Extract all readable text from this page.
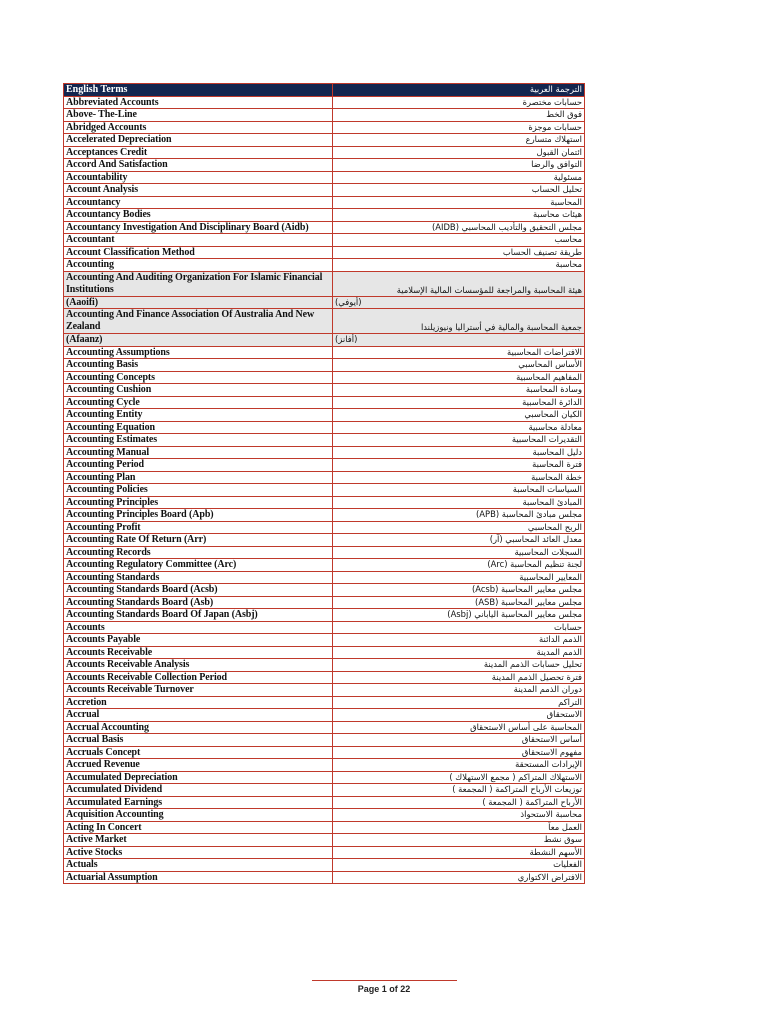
English Terms	الترجمة العربية
Abbreviated Accounts	حسابات مختصرة
Above- The-Line	فوق الخط
Abridged Accounts	حسابات موجزة
Accelerated Depreciation	استهلاك متسارع
Acceptances Credit	ائتمان القبول
Accord And Satisfaction	التوافق والرضا
Accountability	مسئولية
Account Analysis	تحليل الحساب
Accountancy	المحاسبة
Accountancy Bodies	هيئات محاسبة
Accountancy Investigation And Disciplinary Board (Aidb)	مجلس التحقيق والتأديب المحاسبي (AIDB)
Accountant	محاسب
Account Classification Method	طريقة تصنيف الحساب
Accounting	محاسبة
Accounting And Auditing Organization For Islamic Financial Institutions	هيئة المحاسبة والمراجعة للمؤسسات المالية الإسلامية
(Aaoifi)	(أيوفي)
Accounting And Finance Association Of Australia And New Zealand	جمعية المحاسبة والمالية في أستراليا ونيوزيلندا
(Afaanz)	(أفانز)
Accounting Assumptions	الافتراضات المحاسبية
Accounting Basis	الأساس المحاسبي
Accounting Concepts	المفاهيم المحاسبية
Accounting Cushion	وسادة المحاسبة
Accounting Cycle	الدائرة المحاسبية
Accounting Entity	الكيان المحاسبي
Accounting Equation	معادلة محاسبية
Accounting Estimates	التقديرات المحاسبية
Accounting Manual	دليل المحاسبة
Accounting Period	فترة المحاسبة
Accounting Plan	خطة المحاسبة
Accounting Policies	السياسات المحاسبة
Accounting Principles	المبادئ المحاسبة
Accounting Principles Board (Apb)	مجلس مبادئ المحاسبة (APB)
Accounting Profit	الربح المحاسبي
Accounting Rate Of Return (Arr)	معدل العائد المحاسبي (آر)
Accounting Records	السجلات المحاسبية
Accounting Regulatory Committee (Arc)	لجنة تنظيم المحاسبة (Arc)
Accounting Standards	المعايير المحاسبية
Accounting Standards Board (Acsb)	مجلس معايير المحاسبة (Acsb)
Accounting Standards Board (Asb)	مجلس معايير المحاسبة (ASB)
Accounting Standards Board Of Japan (Asbj)	مجلس معايير المحاسبة الياباني (Asbj)
Accounts	حسابات
Accounts Payable	الذمم الدائنة
Accounts Receivable	الذمم المدينة
Accounts Receivable Analysis	تحليل حسابات الذمم المدينة
Accounts Receivable Collection Period	فترة تحصيل الذمم المدينة
Accounts Receivable Turnover	دوران الذمم المدينة
Accretion	التراكم
Accrual	الاستحقاق
Accrual Accounting	المحاسبة على أساس الاستحقاق
Accrual Basis	أساس الاستحقاق
Accruals Concept	مفهوم الاستحقاق
Accrued Revenue	الإيرادات المستحقة
Accumulated Depreciation	الاستهلاك المتراكم ( مجمع الاستهلاك )
Accumulated Dividend	توزيعات الأرباح المتراكمة ( المجمعة )
Accumulated Earnings	الأرباح المتراكمة ( المجمعة )
Acquisition Accounting	محاسبة الاستحواذ
Acting In Concert	العمل معاً
Active Market	سوق نشط
Active Stocks	الأسهم النشطة
Actuals	الفعليات
Actuarial Assumption	الافتراض الاكتواري
Page 1 of 22
